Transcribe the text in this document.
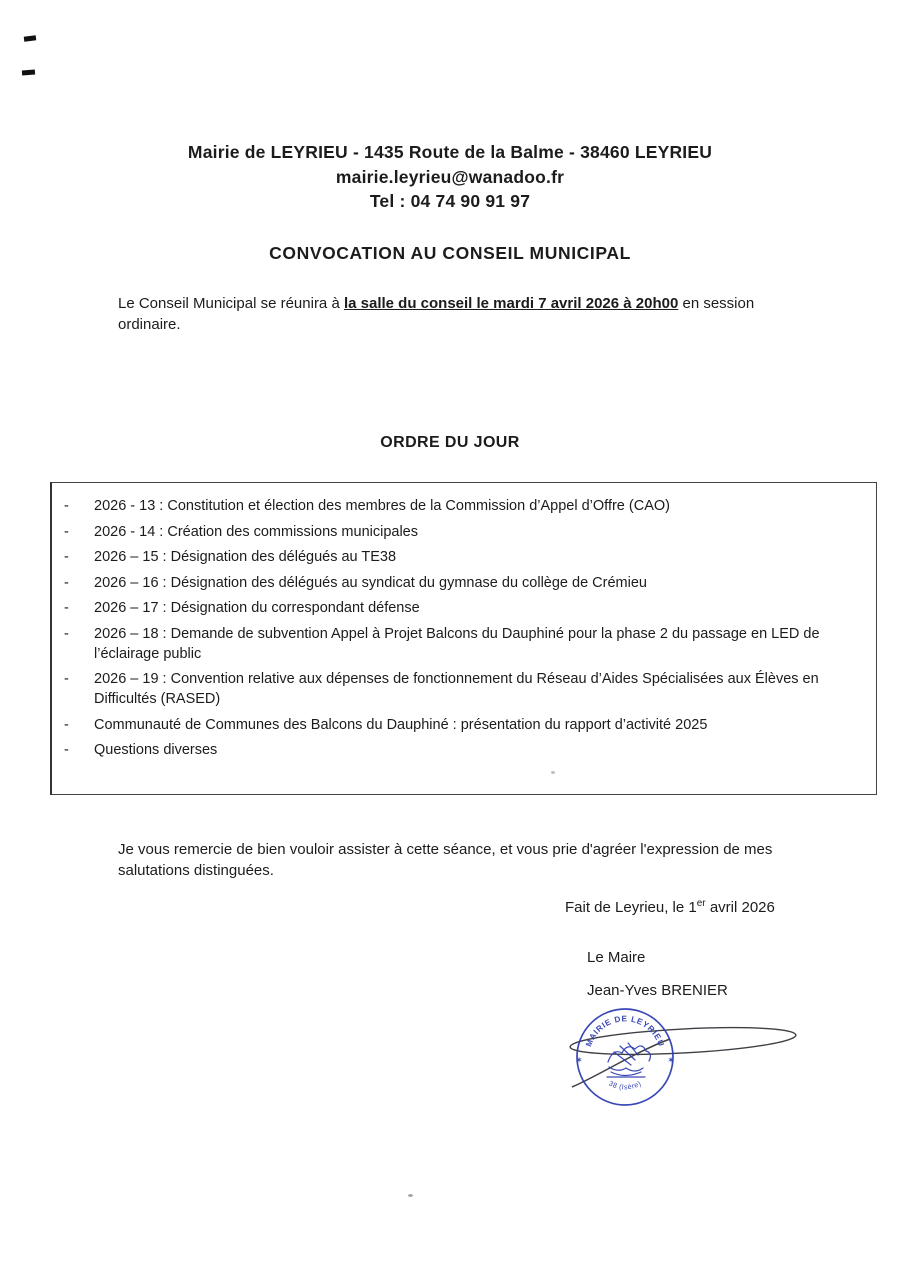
Mairie de LEYRIEU - 1435 Route de la Balme - 38460 LEYRIEU
mairie.leyrieu@wanadoo.fr
Tel : 04 74 90 91 97
CONVOCATION AU CONSEIL MUNICIPAL

Le Conseil Municipal se réunira à la salle du conseil le mardi 7 avril 2026 à 20h00 en session ordinaire.

ORDRE DU JOUR
-	2026 - 13 : Constitution et élection des membres de la Commission d’Appel d’Offre (CAO)
-	2026 - 14 : Création des commissions municipales
-	2026 – 15 : Désignation des délégués au TE38
-	2026 – 16 : Désignation des délégués au syndicat du gymnase du collège de Crémieu
-	2026 – 17 : Désignation du correspondant défense
-	2026 – 18 : Demande de subvention Appel à Projet Balcons du Dauphiné pour la phase 2 du passage en LED de l’éclairage public
-	2026 – 19 : Convention relative aux dépenses de fonctionnement du Réseau d’Aides Spécialisées aux Élèves en Difficultés (RASED)
-	Communauté de Communes des Balcons du Dauphiné : présentation du rapport d’activité 2025
-	Questions diverses

Je vous remercie de bien vouloir assister à cette séance, et vous prie d'agréer l'expression de mes salutations distinguées.

Fait de Leyrieu, le 1er avril 2026

Le Maire

Jean-Yves BRENIER

MAIRIE DE LEYRIEU
38 (Isère)
✶	✶
